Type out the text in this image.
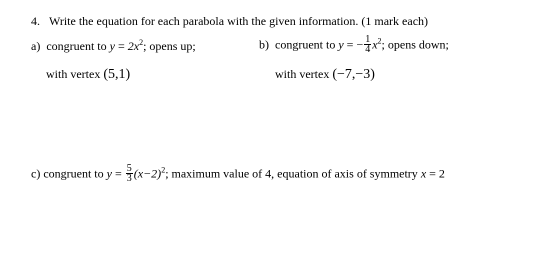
4. Write the equation for each parabola with the given information. (1 mark each)
a) congruent to $y = 2x^2$; opens up;	b) congruent to y = − $\frac{1}{4} x^2$; opens down;
with vertex (5,1)	with vertex (−7,−3)
c) congruent to $y = \frac{5}{3} (x-2)^2$; maximum value of 4, equation of axis of symmetry x = 2
